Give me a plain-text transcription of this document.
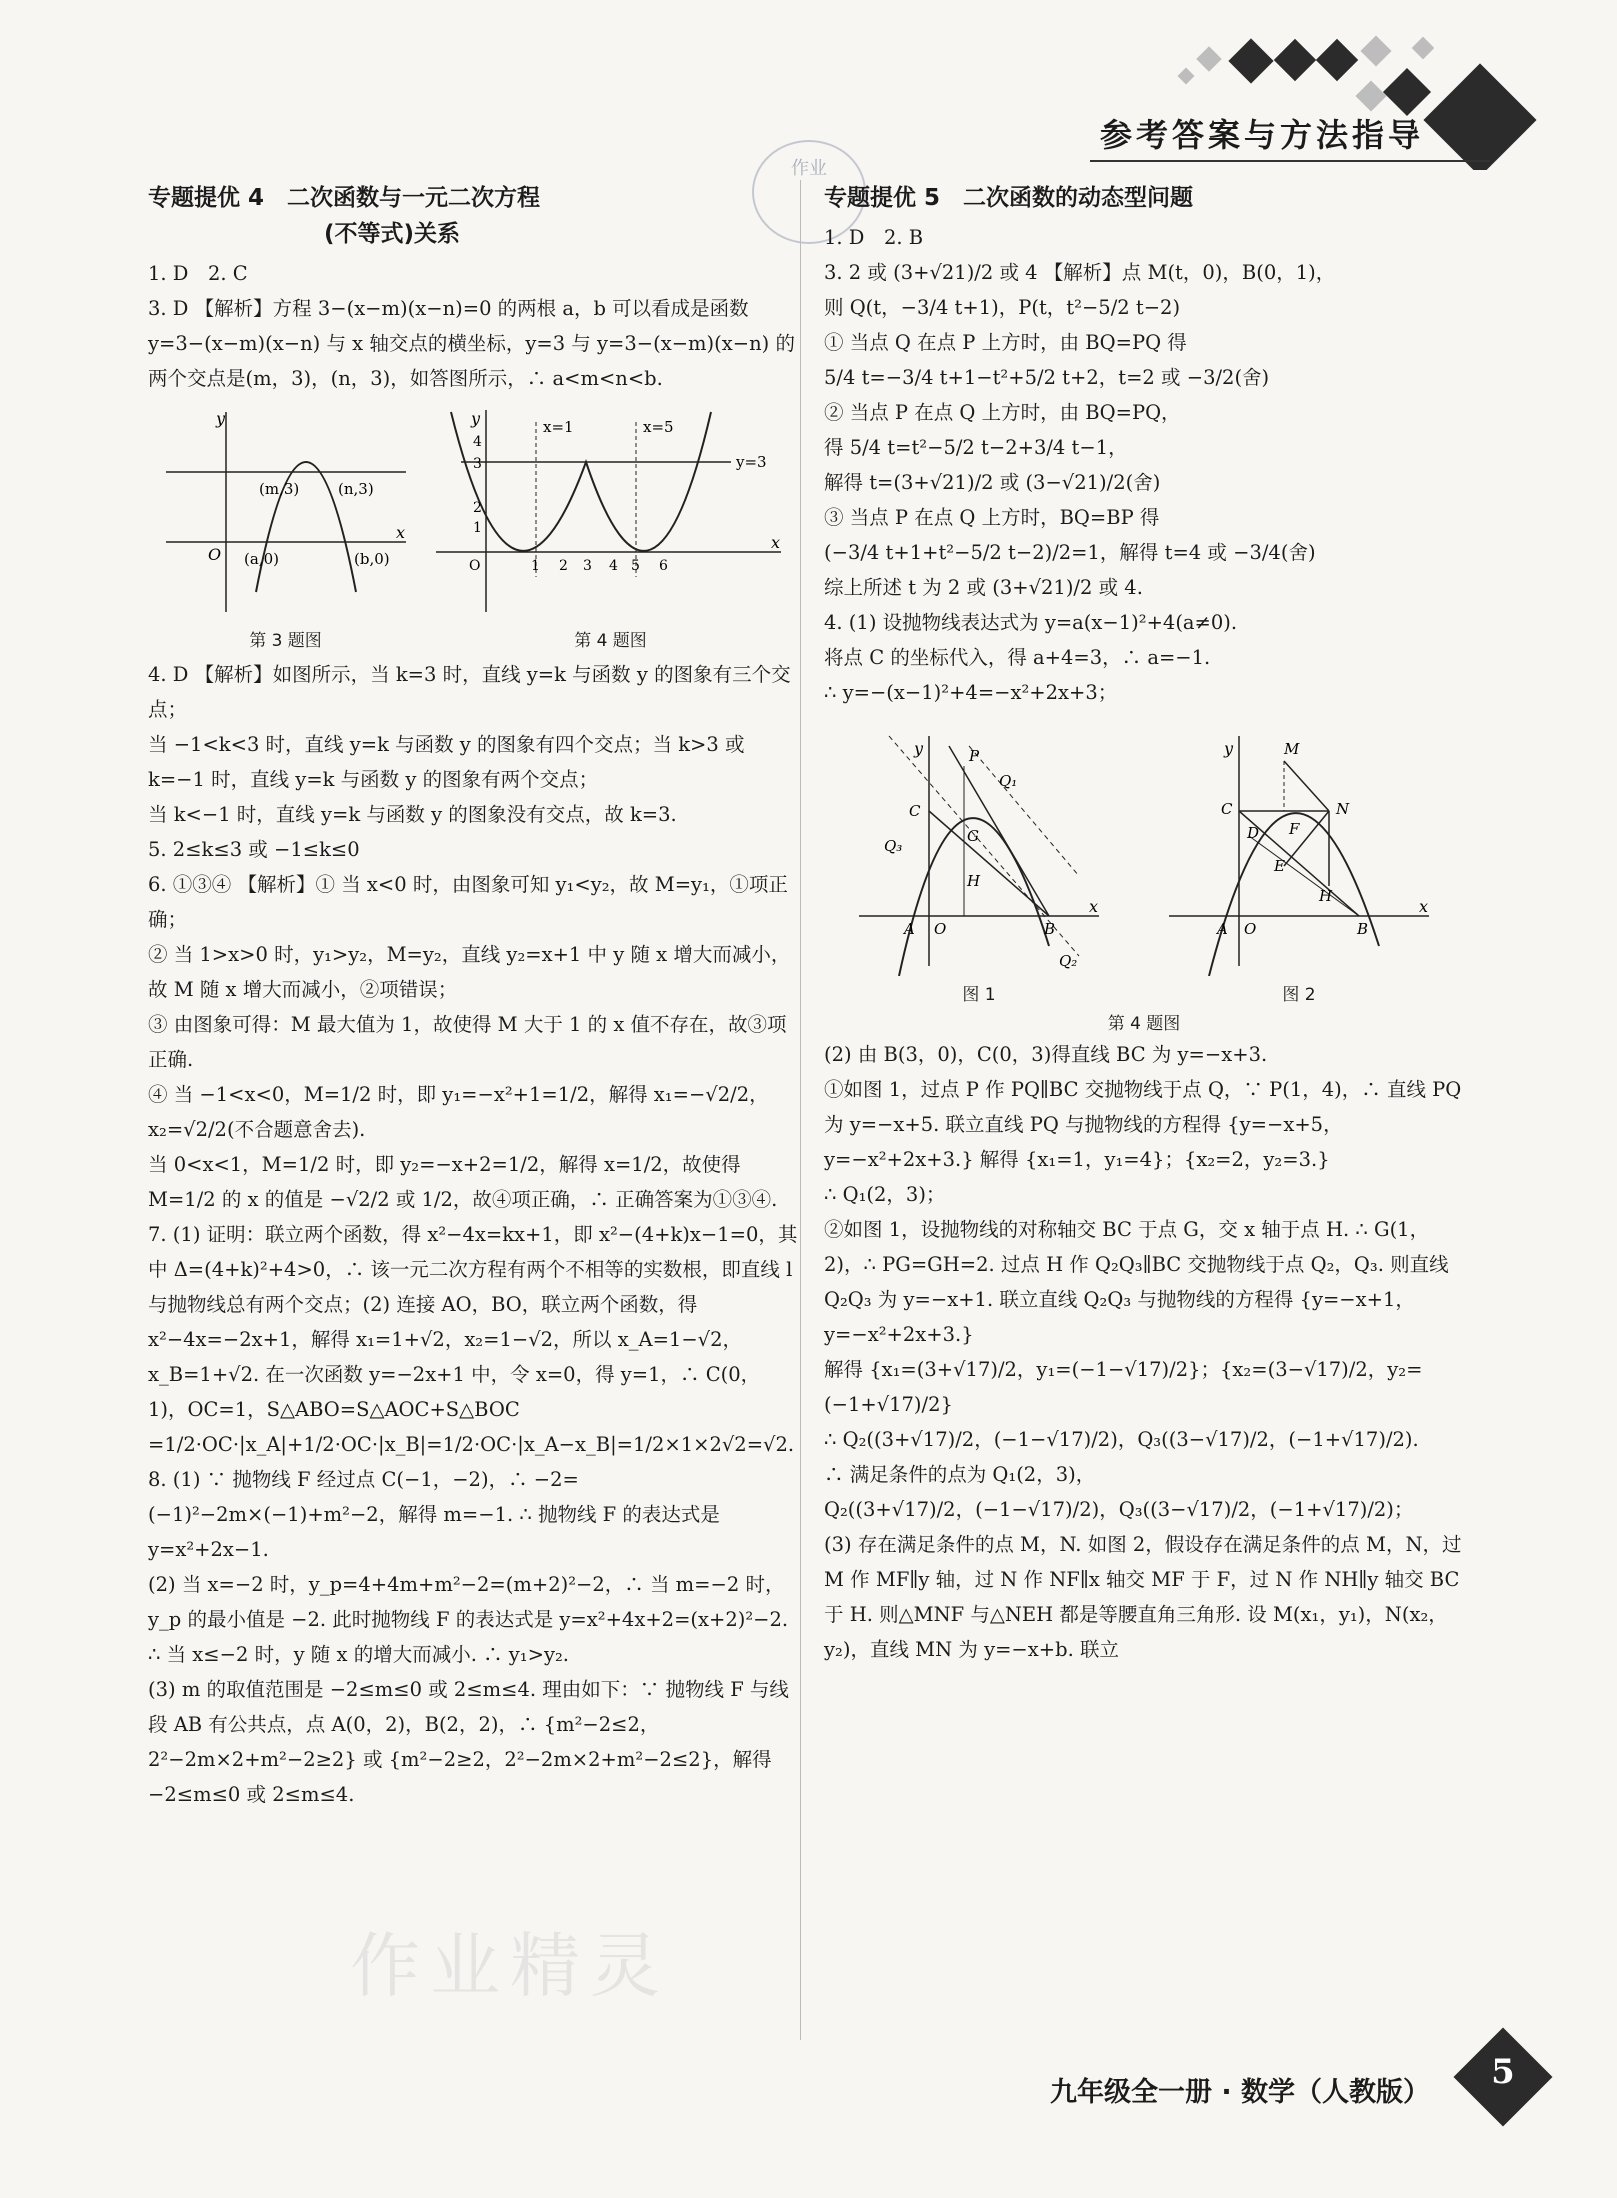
参考答案与方法指导
作业
专题提优 4　二次函数与一元二次方程
(不等式)关系

1. D　2. C

3. D 【解析】方程 3−(x−m)(x−n)=0 的两根 a，b 可以看成是函数 y=3−(x−m)(x−n) 与 x 轴交点的横坐标，y=3 与 y=3−(x−m)(x−n) 的两个交点是(m，3)，(n，3)，如答图所示，∴ a<m<n<b.

y
x
O
(m,3)	(n,3)
(a,0)	(b,0)
第 3 题图
y
x
x=1	x=5
y=3
O	1 2 3 4 5 6
1
2
3
4
第 4 题图

4. D 【解析】如图所示，当 k=3 时，直线 y=k 与函数 y 的图象有三个交点；

当 −1<k<3 时，直线 y=k 与函数 y 的图象有四个交点；当 k>3 或 k=−1 时，直线 y=k 与函数 y 的图象有两个交点；

当 k<−1 时，直线 y=k 与函数 y 的图象没有交点，故 k=3.

5. 2≤k≤3 或 −1≤k≤0

6. ①③④ 【解析】① 当 x<0 时，由图象可知 y₁<y₂，故 M=y₁，①项正确；

② 当 1>x>0 时，y₁>y₂，M=y₂，直线 y₂=x+1 中 y 随 x 增大而减小，故 M 随 x 增大而减小，②项错误；

③ 由图象可得：M 最大值为 1，故使得 M 大于 1 的 x 值不存在，故③项正确.

④ 当 −1<x<0，M=1/2 时，即 y₁=−x²+1=1/2，解得 x₁=−√2/2，x₂=√2/2(不合题意舍去).

当 0<x<1，M=1/2 时，即 y₂=−x+2=1/2，解得 x=1/2，故使得 M=1/2 的 x 的值是 −√2/2 或 1/2，故④项正确，∴ 正确答案为①③④.

7. (1) 证明：联立两个函数，得 x²−4x=kx+1，即 x²−(4+k)x−1=0，其中 Δ=(4+k)²+4>0，∴ 该一元二次方程有两个不相等的实数根，即直线 l 与抛物线总有两个交点；(2) 连接 AO，BO，联立两个函数，得 x²−4x=−2x+1，解得 x₁=1+√2，x₂=1−√2，所以 x_A=1−√2，x_B=1+√2. 在一次函数 y=−2x+1 中，令 x=0，得 y=1，∴ C(0，1)，OC=1，S△ABO=S△AOC+S△BOC

=1/2·OC·|x_A|+1/2·OC·|x_B|=1/2·OC·|x_A−x_B|=1/2×1×2√2=√2.

8. (1) ∵ 抛物线 F 经过点 C(−1，−2)，∴ −2=(−1)²−2m×(−1)+m²−2，解得 m=−1. ∴ 抛物线 F 的表达式是 y=x²+2x−1.

(2) 当 x=−2 时，y_p=4+4m+m²−2=(m+2)²−2，∴ 当 m=−2 时，y_p 的最小值是 −2. 此时抛物线 F 的表达式是 y=x²+4x+2=(x+2)²−2. ∴ 当 x≤−2 时，y 随 x 的增大而减小. ∴ y₁>y₂.

(3) m 的取值范围是 −2≤m≤0 或 2≤m≤4. 理由如下：∵ 抛物线 F 与线段 AB 有公共点，点 A(0，2)，B(2，2)，∴ {m²−2≤2，2²−2m×2+m²−2≥2} 或 {m²−2≥2，2²−2m×2+m²−2≤2}，解得 −2≤m≤0 或 2≤m≤4.

专题提优 5　二次函数的动态型问题

1. D　2. B

3. 2 或 (3+√21)/2 或 4 【解析】点 M(t，0)，B(0，1)，

则 Q(t，−3/4 t+1)，P(t，t²−5/2 t−2)

① 当点 Q 在点 P 上方时，由 BQ=PQ 得

5/4 t=−3/4 t+1−t²+5/2 t+2，t=2 或 −3/2(舍)

② 当点 P 在点 Q 上方时，由 BQ=PQ，

得 5/4 t=t²−5/2 t−2+3/4 t−1，

解得 t=(3+√21)/2 或 (3−√21)/2(舍)

③ 当点 P 在点 Q 上方时，BQ=BP 得

(−3/4 t+1+t²−5/2 t−2)/2=1，解得 t=4 或 −3/4(舍)

综上所述 t 为 2 或 (3+√21)/2 或 4.

4. (1) 设抛物线表达式为 y=a(x−1)²+4(a≠0).

将点 C 的坐标代入，得 a+4=3，∴ a=−1.

∴ y=−(x−1)²+4=−x²+2x+3；

y
x
P
Q₁
C
G
Q₃
H
A O	B
Q₂
图 1
y
x
M
N
C
D F
E
H
A O	B
图 2
第 4 题图

(2) 由 B(3，0)，C(0，3)得直线 BC 为 y=−x+3.

①如图 1，过点 P 作 PQ∥BC 交抛物线于点 Q，∵ P(1，4)，∴ 直线 PQ 为 y=−x+5. 联立直线 PQ 与抛物线的方程得 {y=−x+5，y=−x²+2x+3.} 解得 {x₁=1，y₁=4}；{x₂=2，y₂=3.}

∴ Q₁(2，3)；

②如图 1，设抛物线的对称轴交 BC 于点 G，交 x 轴于点 H. ∴ G(1，2)，∴ PG=GH=2. 过点 H 作 Q₂Q₃∥BC 交抛物线于点 Q₂，Q₃. 则直线 Q₂Q₃ 为 y=−x+1. 联立直线 Q₂Q₃ 与抛物线的方程得 {y=−x+1，y=−x²+2x+3.}

解得 {x₁=(3+√17)/2，y₁=(−1−√17)/2}；{x₂=(3−√17)/2，y₂=(−1+√17)/2}

∴ Q₂((3+√17)/2，(−1−√17)/2)，Q₃((3−√17)/2，(−1+√17)/2).

∴ 满足条件的点为 Q₁(2，3)，

Q₂((3+√17)/2，(−1−√17)/2)，Q₃((3−√17)/2，(−1+√17)/2)；

(3) 存在满足条件的点 M，N. 如图 2，假设存在满足条件的点 M，N，过 M 作 MF∥y 轴，过 N 作 NF∥x 轴交 MF 于 F，过 N 作 NH∥y 轴交 BC 于 H. 则△MNF 与△NEH 都是等腰直角三角形. 设 M(x₁，y₁)，N(x₂，y₂)，直线 MN 为 y=−x+b. 联立

作业精灵
九年级全一册 · 数学（人教版）
5
